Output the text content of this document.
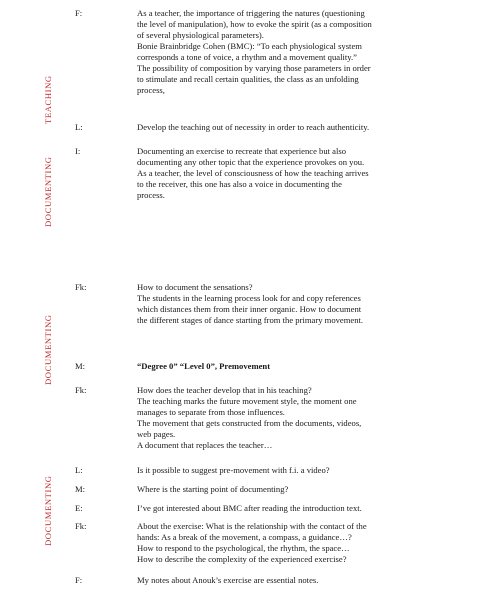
TEACHING
DOCUMENTING
DOCUMENTING
DOCUMENTING
F:	As a teacher, the importance of triggering the natures (questioning
the level of manipulation), how to evoke the spirit (as a composition
of several physiological parameters).
Bonie Brainbridge Cohen (BMC): “To each physiological system
corresponds a tone of voice, a rhythm and a movement quality.”
The possibility of composition by varying those parameters in order
to stimulate and recall certain qualities, the class as an unfolding
process,
L:	Develop the teaching out of necessity in order to reach authenticity.
I:	Documenting an exercise to recreate that experience but also
documenting any other topic that the experience provokes on you.
As a teacher, the level of consciousness of how the teaching arrives
to the receiver, this one has also a voice in documenting the
process.
Fk:	How to document the sensations?
The students in the learning process look for and copy references
which distances them from their inner organic. How to document
the different stages of dance starting from the primary movement.
M:	“Degree 0” “Level 0”, Premovement
Fk:	How does the teacher develop that in his teaching?
The teaching marks the future movement style, the moment one
manages to separate from those influences.
The movement that gets constructed from the documents, videos,
web pages.
A document that replaces the teacher…
L:	Is it possible to suggest pre-movement with f.i. a video?
M:	Where is the starting point of documenting?
E:	I’ve got interested about BMC after reading the introduction text.
Fk:	About the exercise: What is the relationship with the contact of the
hands: As a break of the movement, a compass, a guidance…?
How to respond to the psychological, the rhythm, the space…
How to describe the complexity of the experienced exercise?
F:	My notes about Anouk’s exercise are essential notes.
